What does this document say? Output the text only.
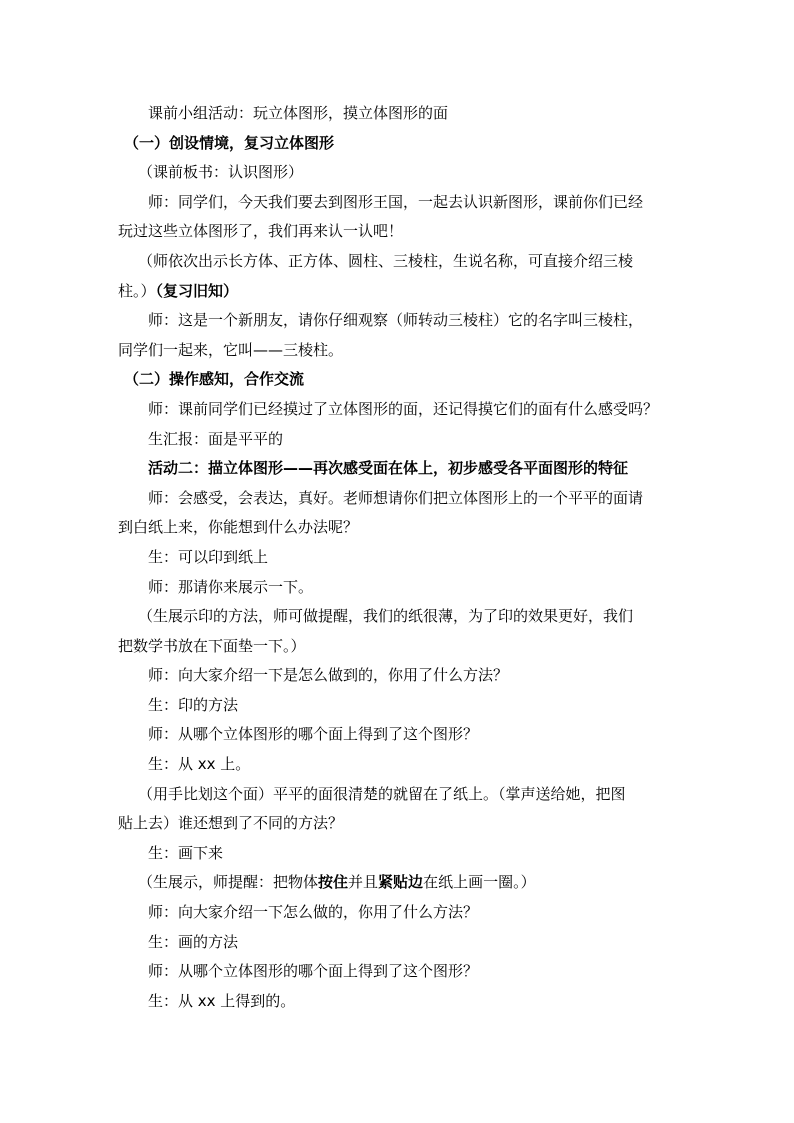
课前小组活动：玩立体图形，摸立体图形的面

（一）创设情境，复习立体图形

（课前板书：认识图形）

师：同学们，今天我们要去到图形王国，一起去认识新图形，课前你们已经

玩过这些立体图形了，我们再来认一认吧！

（师依次出示长方体、正方体、圆柱、三棱柱，生说名称，可直接介绍三棱

柱。）（复习旧知）

师：这是一个新朋友，请你仔细观察（师转动三棱柱）它的名字叫三棱柱，

同学们一起来，它叫——三棱柱。

（二）操作感知，合作交流

师：课前同学们已经摸过了立体图形的面，还记得摸它们的面有什么感受吗？

生汇报：面是平平的

活动二：描立体图形——再次感受面在体上，初步感受各平面图形的特征

师：会感受，会表达，真好。老师想请你们把立体图形上的一个平平的面请

到白纸上来，你能想到什么办法呢？

生：可以印到纸上

师：那请你来展示一下。

（生展示印的方法，师可做提醒，我们的纸很薄，为了印的效果更好，我们

把数学书放在下面垫一下。）

师：向大家介绍一下是怎么做到的，你用了什么方法？

生：印的方法

师：从哪个立体图形的哪个面上得到了这个图形？

生：从 xx 上。

（用手比划这个面）平平的面很清楚的就留在了纸上。（掌声送给她，把图

贴上去）谁还想到了不同的方法？

生：画下来

（生展示，师提醒：把物体按住并且紧贴边在纸上画一圈。）

师：向大家介绍一下怎么做的，你用了什么方法？

生：画的方法

师：从哪个立体图形的哪个面上得到了这个图形？

生：从 xx 上得到的。
